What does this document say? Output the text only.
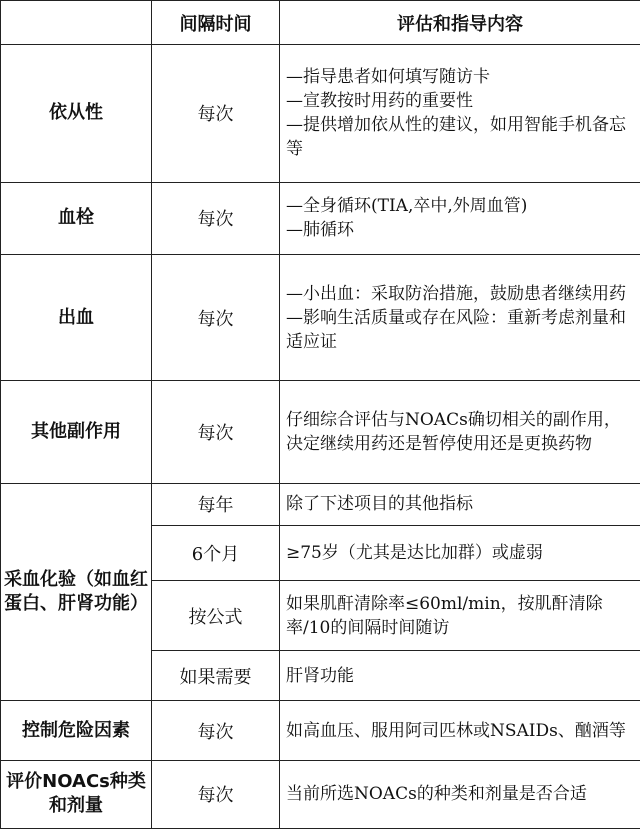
	间隔时间	评估和指导内容
依从性	每次	—指导患者如何填写随访卡
—宣教按时用药的重要性
—提供增加依从性的建议，如用智能手机备忘等

血栓	每次	—全身循环(TIA,卒中,外周血管)
—肺循环

出血	每次	—小出血：采取防治措施，鼓励患者继续用药
—影响生活质量或存在风险：重新考虑剂量和适应证

其他副作用	每次	仔细综合评估与NOACs确切相关的副作用，决定继续用药还是暂停使用还是更换药物

采血化验（如血红蛋白、肝肾功能）	每年	除了下述项目的其他指标
	6个月	≥75岁（尤其是达比加群）或虚弱
	按公式	如果肌酐清除率≤60ml/min，按肌酐清除率/10的间隔时间随访
	如果需要	肝肾功能
控制危险因素	每次	如高血压、服用阿司匹林或NSAIDs、酗酒等

评价NOACs种类和剂量	每次	当前所选NOACs的种类和剂量是否合适
